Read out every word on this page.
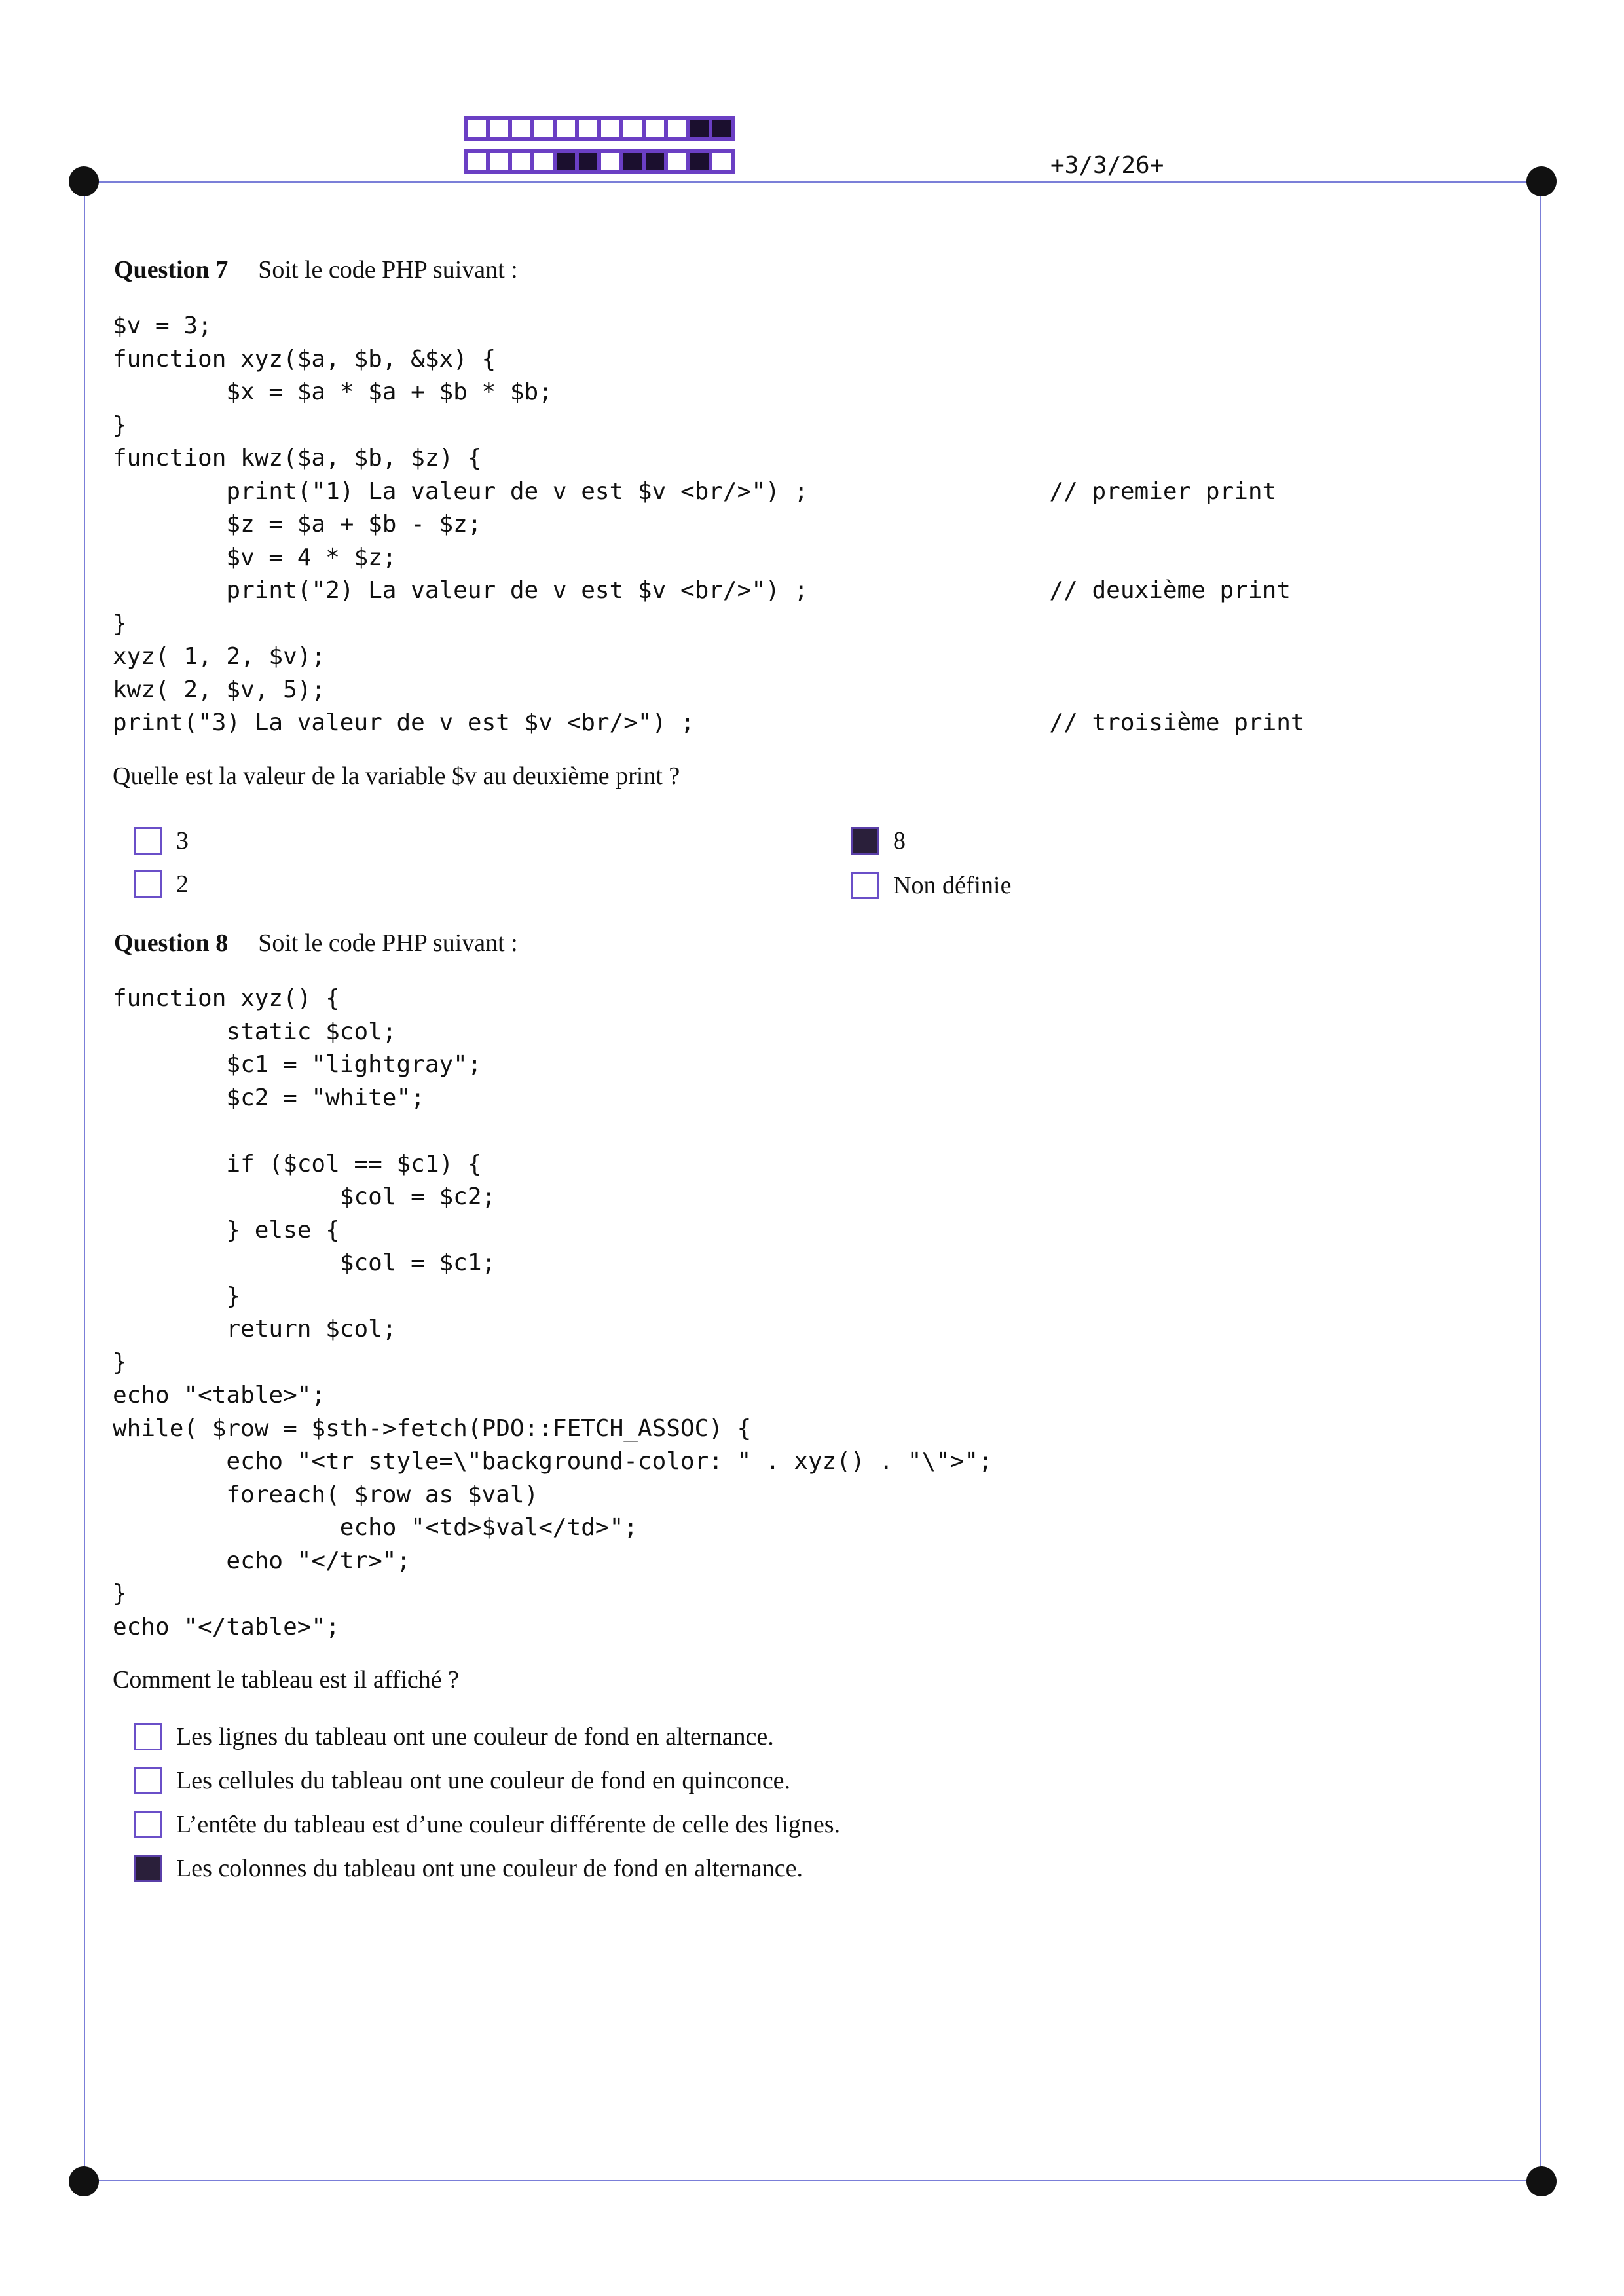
+3/3/26+
Question 7 Soit le code PHP suivant :
$v = 3;
function xyz($a, $b, &$x) {
$x = $a * $a + $b * $b;
}
function kwz($a, $b, $z) {
print("1) La valeur de v est $v <br/>") ;                 // premier print
$z = $a + $b - $z;
$v = 4 * $z;
print("2) La valeur de v est $v <br/>") ;                 // deuxième print
}
xyz( 1, 2, $v);
kwz( 2, $v, 5);
print("3) La valeur de v est $v <br/>") ;                         // troisième print
Quelle est la valeur de la variable $v au deuxième print ?
3
2
8
Non définie
Question 8 Soit le code PHP suivant :
function xyz() {
static $col;
$c1 = "lightgray";
$c2 = "white";

if ($col == $c1) {
$col = $c2;
} else {
$col = $c1;
}
return $col;
}
echo "<table>";
while( $row = $sth->fetch(PDO::FETCH_ASSOC) {
echo "<tr style=\"background-color: " . xyz() . "\">";
foreach( $row as $val)
echo "<td>$val</td>";
echo "</tr>";
}
echo "</table>";
Comment le tableau est il affiché ?
Les lignes du tableau ont une couleur de fond en alternance.
Les cellules du tableau ont une couleur de fond en quinconce.
L’entête du tableau est d’une couleur différente de celle des lignes.
Les colonnes du tableau ont une couleur de fond en alternance.
